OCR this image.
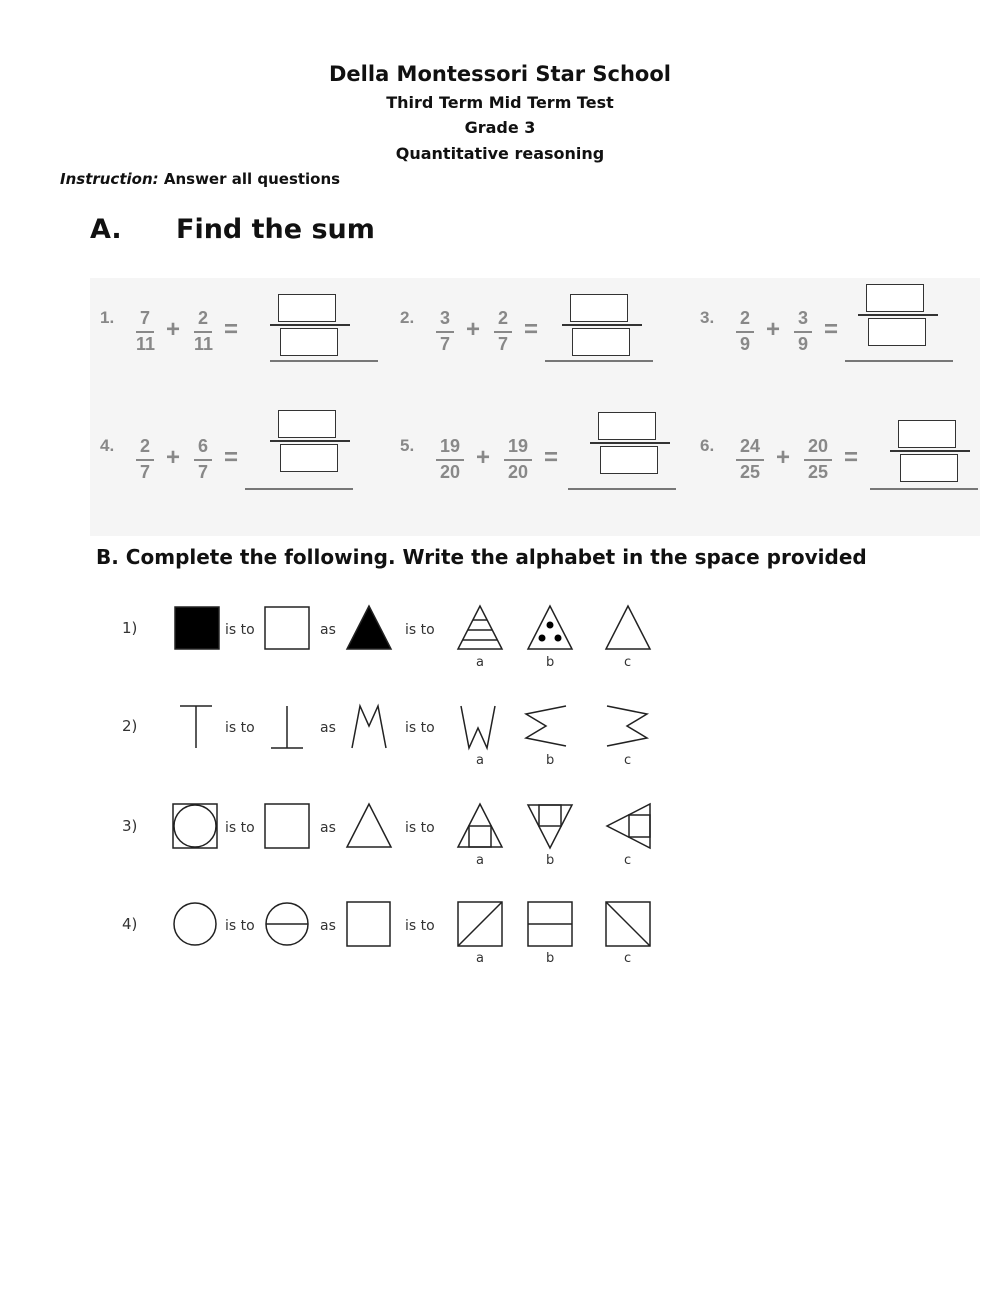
Della Montessori Star School
Third Term Mid Term Test
Grade 3
Quantitative reasoning
Instruction: Answer all questions
A. Find the sum
1. 7
11
+ 2
11
=	2. 3
7
+ 2
7
=	3. 2
9
+ 3
9
=
4. 2
7
+ 6
7
=	5. 19
20
+ 19
20
=	6. 24
25
+ 20
25
=
B. Complete the following. Write the alphabet in the space provided
1)	is to	as	is to
a	b	c
2)	is to	as	is to
a	b	c
3)	is to	as	is to
a	b	c
4)	is to	as	is to
a	b	c
